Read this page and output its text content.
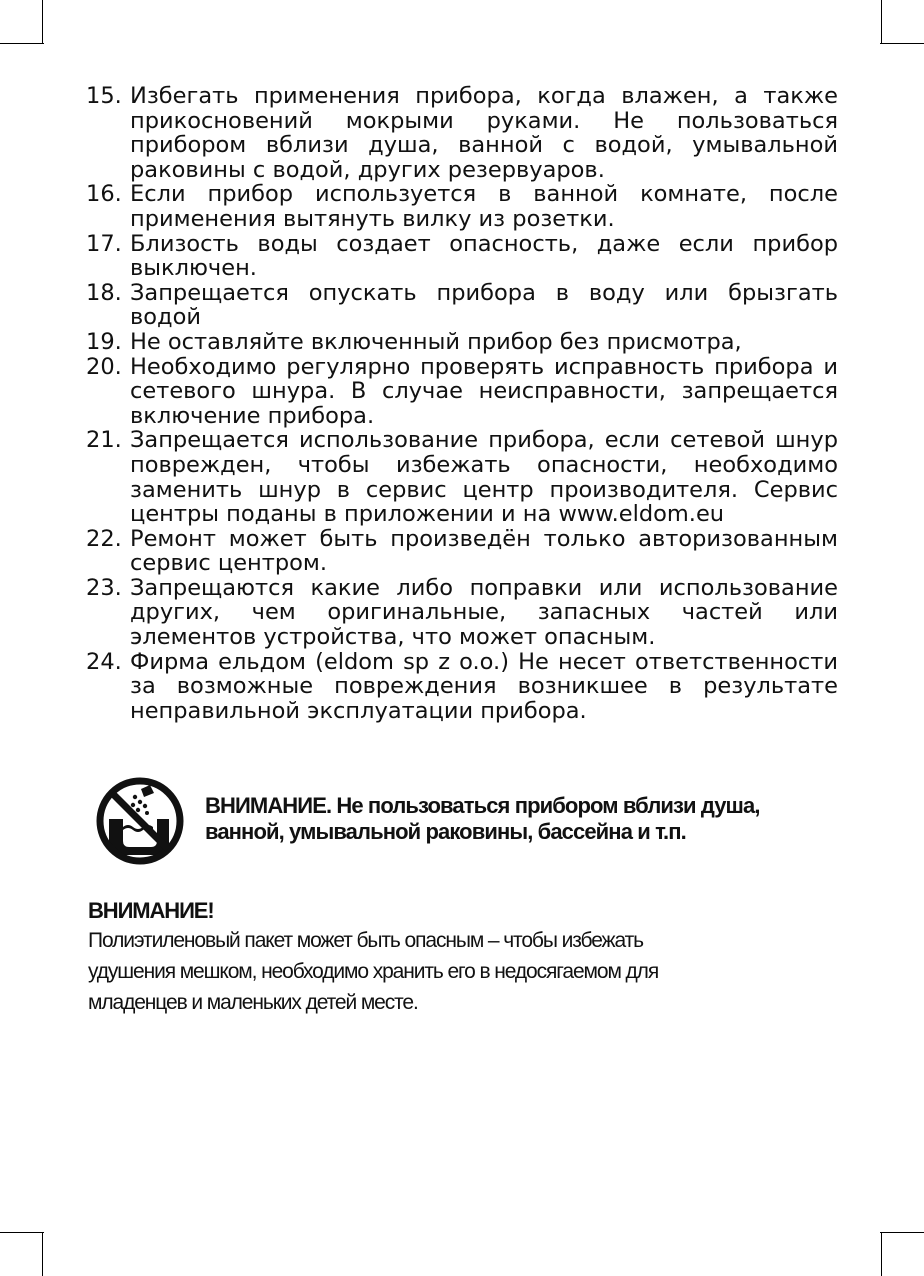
15. Избегать применения прибора, когда влажен, а также прикосновений мокрыми руками. Не пользоваться прибором вблизи душа, ванной с водой, умывальной раковины с водой, других резервуаров.
16. Если прибор используется в ванной комнате, после применения вытянуть вилку из розетки.
17. Близость воды создает опасность, даже если прибор выключен.
18. Запрещается опускать прибора в воду или брызгать водой
19. Не оставляйте включенный прибор без присмотра,
20. Необходимо регулярно проверять исправность прибора и сетевого шнура. В случае неисправности, запрещается включение прибора.
21. Запрещается использование прибора, если сетевой шнур поврежден, чтобы избежать опасности, необходимо заменить шнур в сервис центр производителя. Сервис центры поданы в приложении и на www.eldom.eu
22. Ремонт может быть произведён только авторизованным сервис центром.
23. Запрещаются какие либо поправки или использование других, чем оригинальные, запасных частей или элементов устройства, что может опасным.
24. Фирма ельдом (eldom sp z o.o.) Не несет ответственности за возможные повреждения возникшее в результате неправильной эксплуатации прибора.
ВНИМАНИЕ. Не пользоваться прибором вблизи душа,
ванной, умывальной раковины, бассейна и т.п.
ВНИМАНИЕ!
Полиэтиленовый пакет может быть опасным – чтобы избежать
удушения мешком, необходимо хранить его в недосягаемом для
младенцев и маленьких детей месте.
